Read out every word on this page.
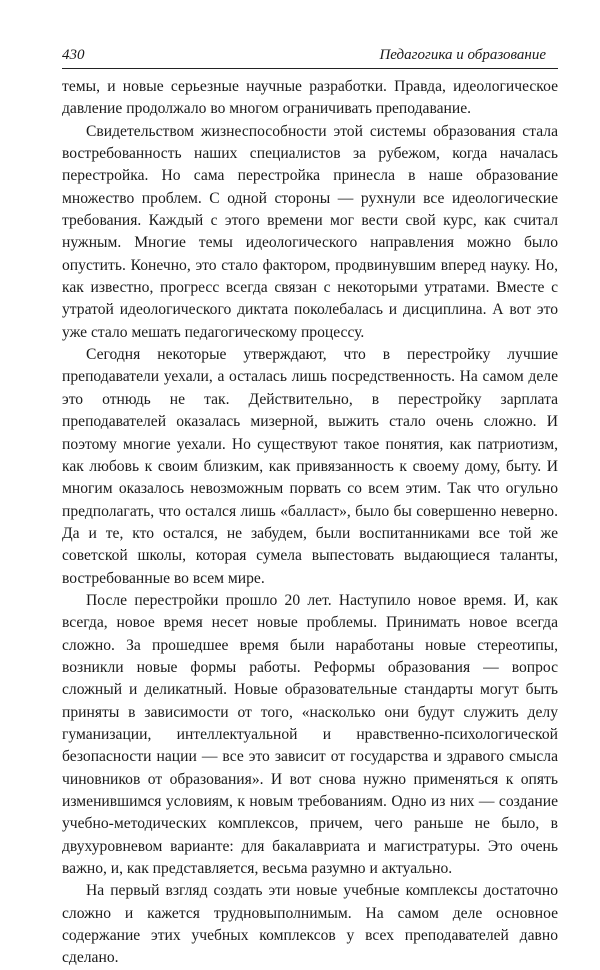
430	Педагогика и образование

темы, и новые серьезные научные разработки. Правда, идеологическое давление продолжало во многом ограничивать преподавание.

Свидетельством жизнеспособности этой системы образования стала востребованность наших специалистов за рубежом, когда началась перестройка. Но сама перестройка принесла в наше образование множество проблем. С одной стороны — рухнули все идеологические требования. Каждый с этого времени мог вести свой курс, как считал нужным. Многие темы идеологического направления можно было опустить. Конечно, это стало фактором, продвинувшим вперед науку. Но, как известно, прогресс всегда связан с некоторыми утратами. Вместе с утратой идеологического диктата поколебалась и дисциплина. А вот это уже стало мешать педагогическому процессу.

Сегодня некоторые утверждают, что в перестройку лучшие преподаватели уехали, а осталась лишь посредственность. На самом деле это отнюдь не так. Действительно, в перестройку зарплата преподавателей оказалась мизерной, выжить стало очень сложно. И поэтому многие уехали. Но существуют такое понятия, как патриотизм, как любовь к своим близким, как привязанность к своему дому, быту. И многим оказалось невозможным порвать со всем этим. Так что огульно предполагать, что остался лишь «балласт», было бы совершенно неверно. Да и те, кто остался, не забудем, были воспитанниками все той же советской школы, которая сумела выпестовать выдающиеся таланты, востребованные во всем мире.

После перестройки прошло 20 лет. Наступило новое время. И, как всегда, новое время несет новые проблемы. Принимать новое всегда сложно. За прошедшее время были наработаны новые стереотипы, возникли новые формы работы. Реформы образования — вопрос сложный и деликатный. Новые образовательные стандарты могут быть приняты в зависимости от того, «насколько они будут служить делу гуманизации, интеллектуальной и нравственно-психологической безопасности нации — все это зависит от государства и здравого смысла чиновников от образования». И вот снова нужно применяться к опять изменившимся условиям, к новым требованиям. Одно из них — создание учебно-методических комплексов, причем, чего раньше не было, в двухуровневом варианте: для бакалавриата и магистратуры. Это очень важно, и, как представляется, весьма разумно и актуально.

На первый взгляд создать эти новые учебные комплексы достаточно сложно и кажется трудновыполнимым. На самом деле основное содержание этих учебных комплексов у всех преподавателей давно сделано.
